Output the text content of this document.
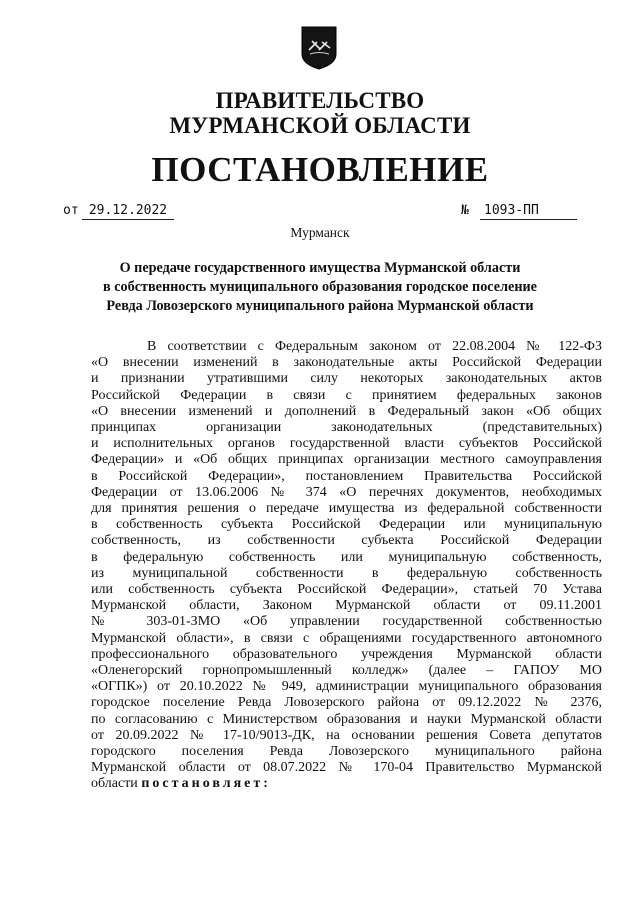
ПРАВИТЕЛЬСТВО
МУРМАНСКОЙ ОБЛАСТИ
ПОСТАНОВЛЕНИЕ
от 29.12.2022	№	1093-ПП
Мурманск
О передаче государственного имущества Мурманской области
в собственность муниципального образования городское поселение
Ревда Ловозерского муниципального района Мурманской области
В соответствии с Федеральным законом от 22.08.2004 № 122-ФЗ
«О внесении изменений в законодательные акты Российской Федерации
и признании утратившими силу некоторых законодательных актов
Российской Федерации в связи с принятием федеральных законов
«О внесении изменений и дополнений в Федеральный закон «Об общих
принципах организации законодательных (представительных)
и исполнительных органов государственной власти субъектов Российской
Федерации» и «Об общих принципах организации местного самоуправления
в Российской Федерации», постановлением Правительства Российской
Федерации от 13.06.2006 № 374 «О перечнях документов, необходимых
для принятия решения о передаче имущества из федеральной собственности
в собственность субъекта Российской Федерации или муниципальную
собственность, из собственности субъекта Российской Федерации
в федеральную собственность или муниципальную собственность,
из муниципальной собственности в федеральную собственность
или собственность субъекта Российской Федерации», статьей 70 Устава
Мурманской области, Законом Мурманской области от 09.11.2001
№ 303-01-ЗМО «Об управлении государственной собственностью
Мурманской области», в связи с обращениями государственного автономного
профессионального образовательного учреждения Мурманской области
«Оленегорский горнопромышленный колледж» (далее – ГАПОУ МО
«ОГПК») от 20.10.2022 № 949, администрации муниципального образования
городское поселение Ревда Ловозерского района от 09.12.2022 № 2376,
по согласованию с Министерством образования и науки Мурманской области
от 20.09.2022 № 17-10/9013-ДК, на основании решения Совета депутатов
городского поселения Ревда Ловозерского муниципального района
Мурманской области от 08.07.2022 № 170-04 Правительство Мурманской
области постановляет:
